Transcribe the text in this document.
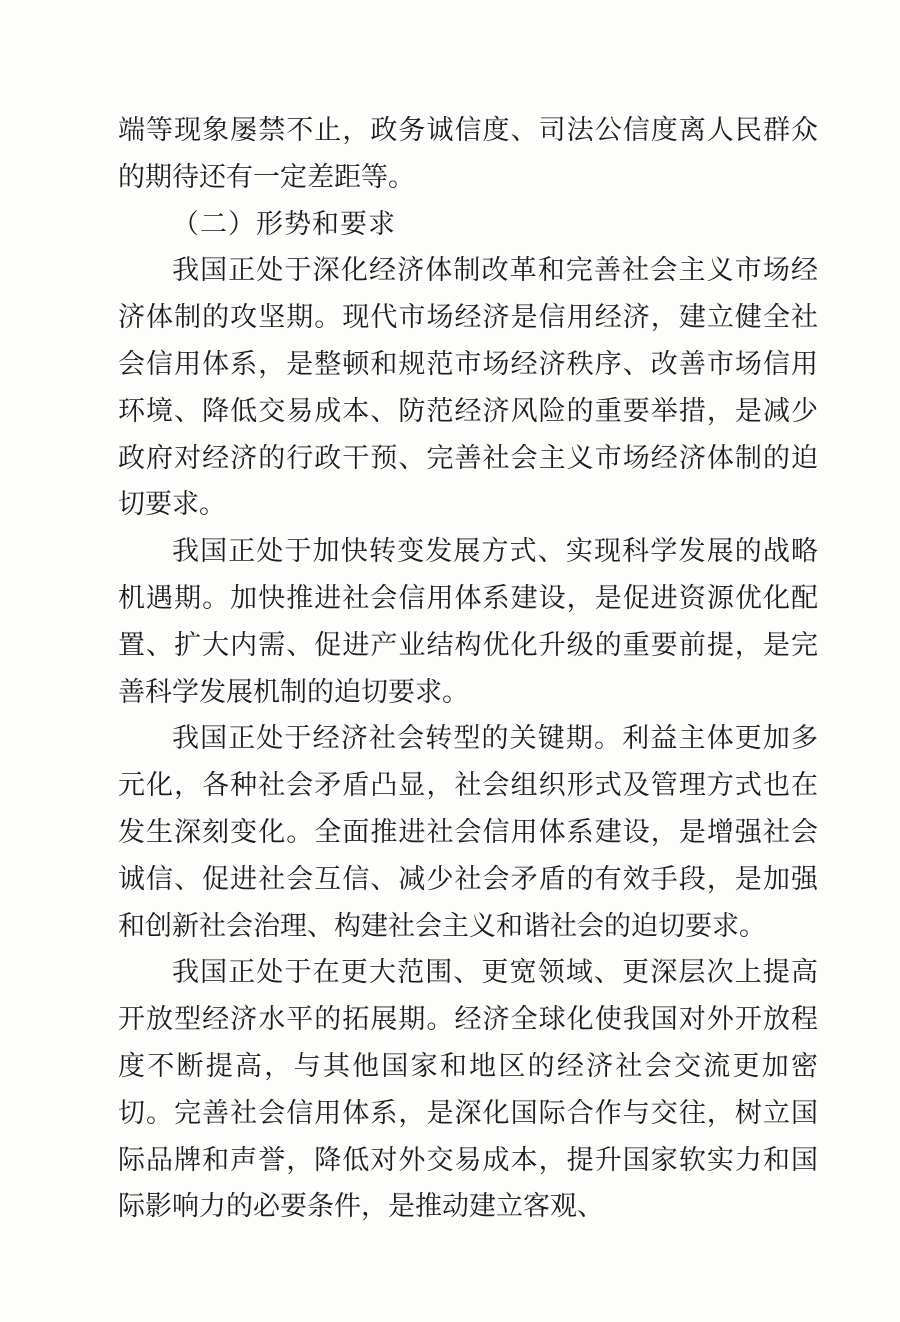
端等现象屡禁不止，政务诚信度、司法公信度离人民群众的期待还有一定差距等。

（二）形势和要求

我国正处于深化经济体制改革和完善社会主义市场经济体制的攻坚期。现代市场经济是信用经济，建立健全社会信用体系，是整顿和规范市场经济秩序、改善市场信用环境、降低交易成本、防范经济风险的重要举措，是减少政府对经济的行政干预、完善社会主义市场经济体制的迫切要求。

我国正处于加快转变发展方式、实现科学发展的战略机遇期。加快推进社会信用体系建设，是促进资源优化配置、扩大内需、促进产业结构优化升级的重要前提，是完善科学发展机制的迫切要求。

我国正处于经济社会转型的关键期。利益主体更加多元化，各种社会矛盾凸显，社会组织形式及管理方式也在发生深刻变化。全面推进社会信用体系建设，是增强社会诚信、促进社会互信、减少社会矛盾的有效手段，是加强和创新社会治理、构建社会主义和谐社会的迫切要求。

我国正处于在更大范围、更宽领域、更深层次上提高开放型经济水平的拓展期。经济全球化使我国对外开放程度不断提高，与其他国家和地区的经济社会交流更加密切。完善社会信用体系，是深化国际合作与交往，树立国际品牌和声誉，降低对外交易成本，提升国家软实力和国际影响力的必要条件，是推动建立客观、
